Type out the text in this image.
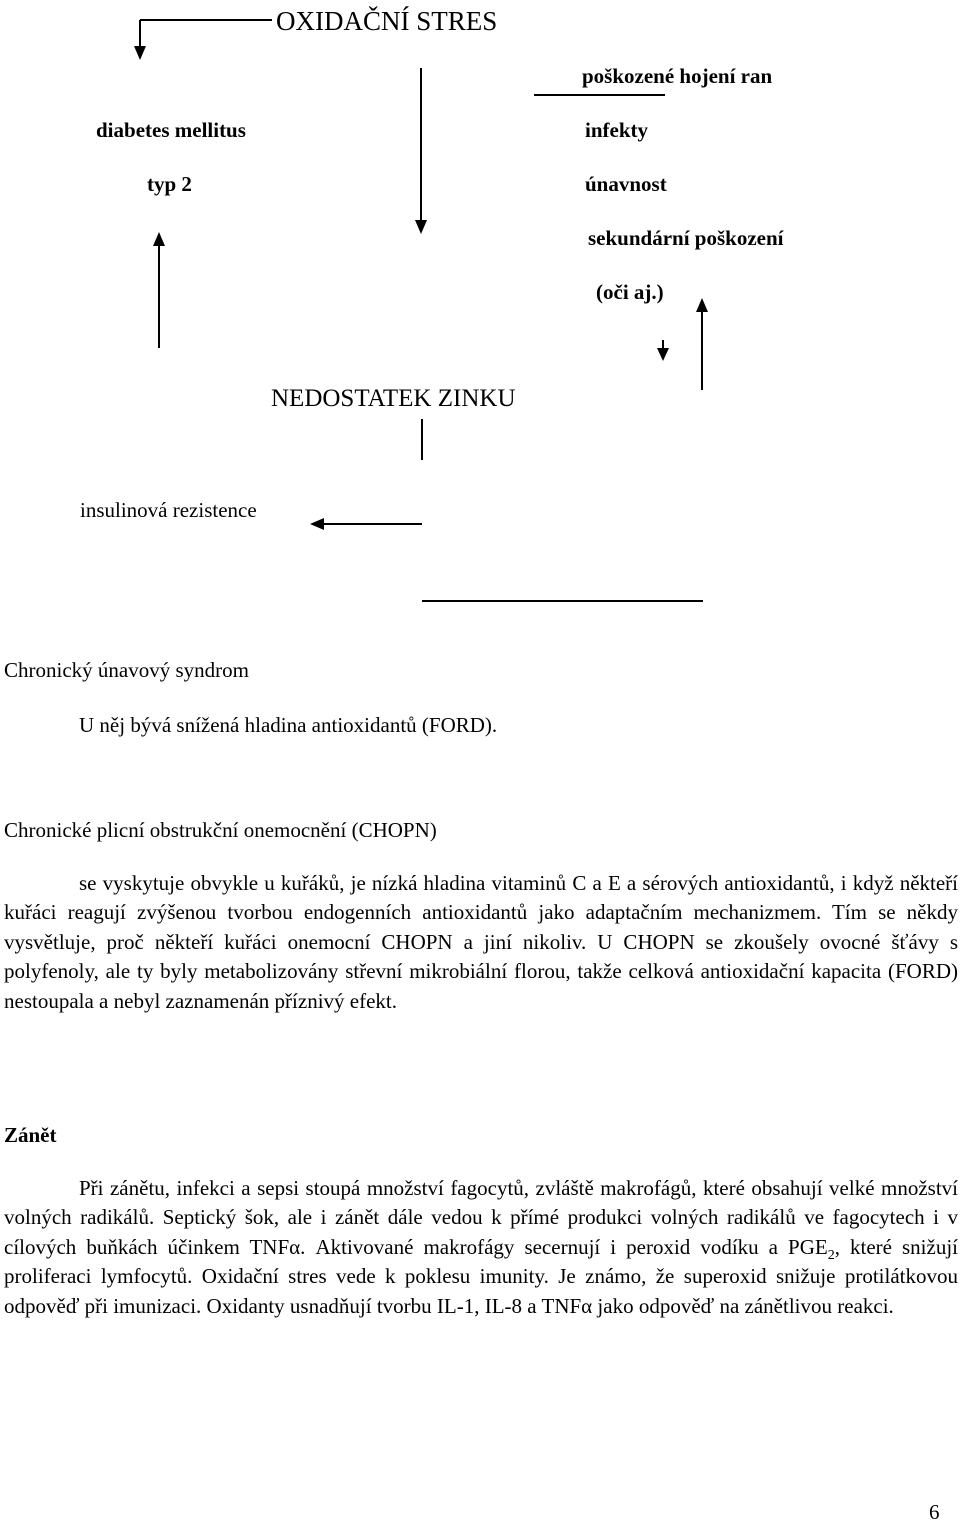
OXIDAČNÍ STRES
poškozené hojení ran
diabetes mellitus	infekty
typ 2	únavnost
sekundární poškození
(oči aj.)
NEDOSTATEK ZINKU
insulinová rezistence
Chronický únavový syndrom
U něj bývá snížená hladina antioxidantů (FORD).
Chronické plicní obstrukční onemocnění (CHOPN)

se vyskytuje obvykle u kuřáků, je nízká hladina vitaminů C a E a sérových antioxidantů, i když někteří kuřáci reagují zvýšenou tvorbou endogenních antioxidantů jako adaptačním mechanizmem. Tím se někdy vysvětluje, proč někteří kuřáci onemocní CHOPN a jiní nikoliv. U CHOPN se zkoušely ovocné šťávy s polyfenoly, ale ty byly metabolizovány střevní mikrobiální florou, takže celková antioxidační kapacita (FORD) nestoupala a nebyl zaznamenán příznivý efekt.

Zánět

Při zánětu, infekci a sepsi stoupá množství fagocytů, zvláště makrofágů, které obsahují velké množství volných radikálů. Septický šok, ale i zánět dále vedou k přímé produkci volných radikálů ve fagocytech i v cílových buňkách účinkem TNFα. Aktivované makrofágy secernují i peroxid vodíku a $PGE_2$, které snižují proliferaci lymfocytů. Oxidační stres vede k poklesu imunity. Je známo, že superoxid snižuje protilátkovou odpověď při imunizaci. Oxidanty usnadňují tvorbu IL-1, IL-8 a TNFα jako odpověď na zánětlivou reakci.

6
